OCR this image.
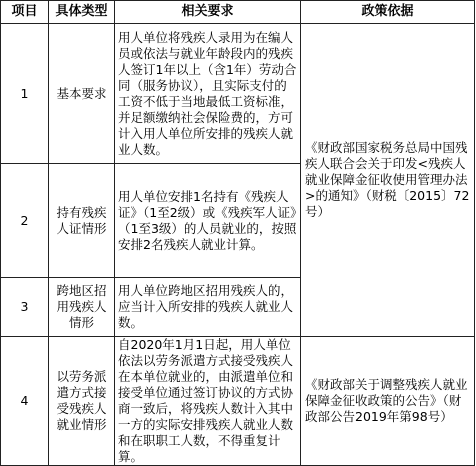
项目	具体类型	相关要求	政策依据
1	基本要求	用人单位将残疾人录用为在编人员或依法与就业年龄段内的残疾人签订1年以上（含1年）劳动合同（服务协议），且实际支付的工资不低于当地最低工资标准，并足额缴纳社会保险费的，方可计入用人单位所安排的残疾人就业人数。	《财政部国家税务总局中国残疾人联合会关于印发<残疾人就业保障金征收使用管理办法>的通知》（财税〔2015〕72号）
2	持有残疾人证情形	用人单位安排1名持有《残疾人证》（1至2级）或《残疾军人证》（1至3级）的人员就业的，按照安排2名残疾人就业计算。	
3	跨地区招用残疾人情形	用人单位跨地区招用残疾人的，应当计入所安排的残疾人就业人数。	
4	以劳务派遣方式接受残疾人就业情形	自2020年1月1日起，用人单位依法以劳务派遣方式接受残疾人在本单位就业的，由派遣单位和接受单位通过签订协议的方式协商一致后，将残疾人数计入其中一方的实际安排残疾人就业人数和在职职工人数，不得重复计算。	《财政部关于调整残疾人就业保障金征收政策的公告》（财政部公告2019年第98号）
